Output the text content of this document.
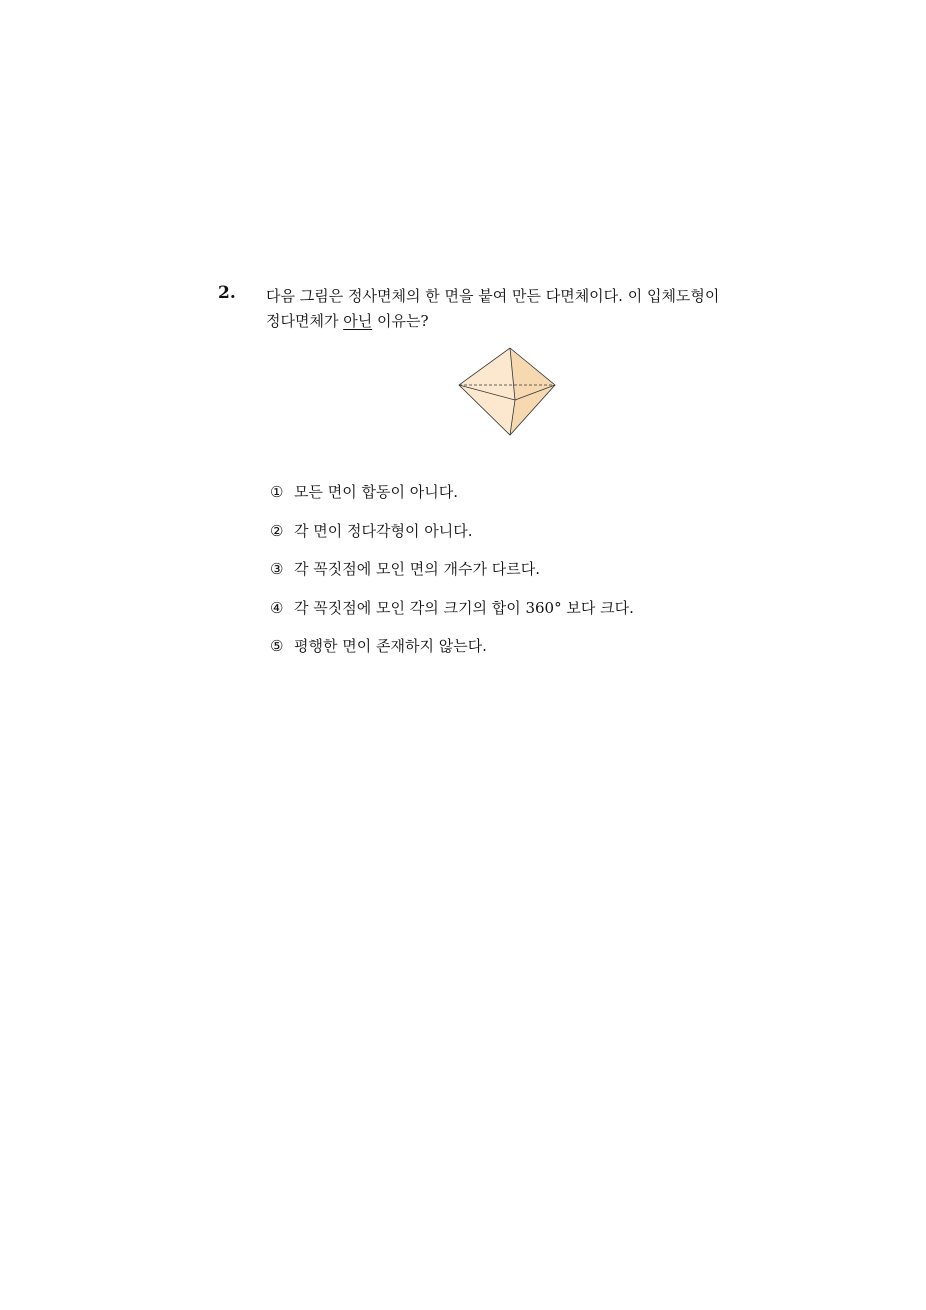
2. 다음 그림은 정사면체의 한 면을 붙여 만든 다면체이다. 이 입체도형이
정다면체가 아닌 이유는?
① 모든 면이 합동이 아니다.
② 각 면이 정다각형이 아니다.
③ 각 꼭짓점에 모인 면의 개수가 다르다.
④ 각 꼭짓점에 모인 각의 크기의 합이 360° 보다 크다.
⑤ 평행한 면이 존재하지 않는다.
